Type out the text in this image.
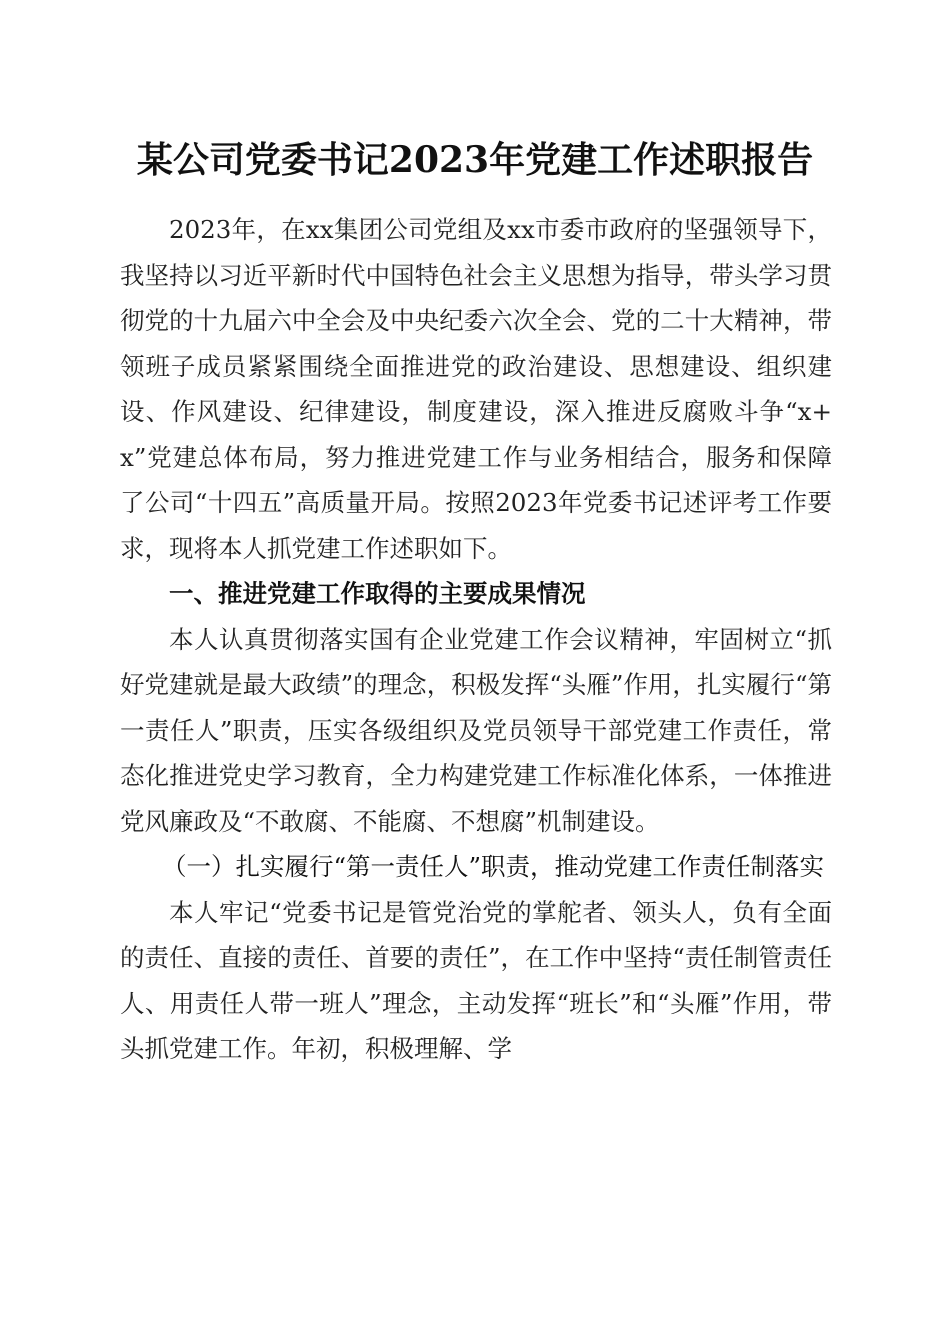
某公司党委书记2023年党建工作述职报告

2023年，在xx集团公司党组及xx市委市政府的坚强领导下，我坚持以习近平新时代中国特色社会主义思想为指导，带头学习贯彻党的十九届六中全会及中央纪委六次全会、党的二十大精神，带领班子成员紧紧围绕全面推进党的政治建设、思想建设、组织建设、作风建设、纪律建设，制度建设，深入推进反腐败斗争“x+x”党建总体布局，努力推进党建工作与业务相结合，服务和保障了公司“十四五”高质量开局。按照2023年党委书记述评考工作要求，现将本人抓党建工作述职如下。

一、推进党建工作取得的主要成果情况

本人认真贯彻落实国有企业党建工作会议精神，牢固树立“抓好党建就是最大政绩”的理念，积极发挥“头雁”作用，扎实履行“第一责任人”职责，压实各级组织及党员领导干部党建工作责任，常态化推进党史学习教育，全力构建党建工作标准化体系，一体推进党风廉政及“不敢腐、不能腐、不想腐”机制建设。

（一）扎实履行“第一责任人”职责，推动党建工作责任制落实

本人牢记“党委书记是管党治党的掌舵者、领头人，负有全面的责任、直接的责任、首要的责任”，在工作中坚持“责任制管责任人、用责任人带一班人”理念，主动发挥“班长”和“头雁”作用，带头抓党建工作。年初，积极理解、学
